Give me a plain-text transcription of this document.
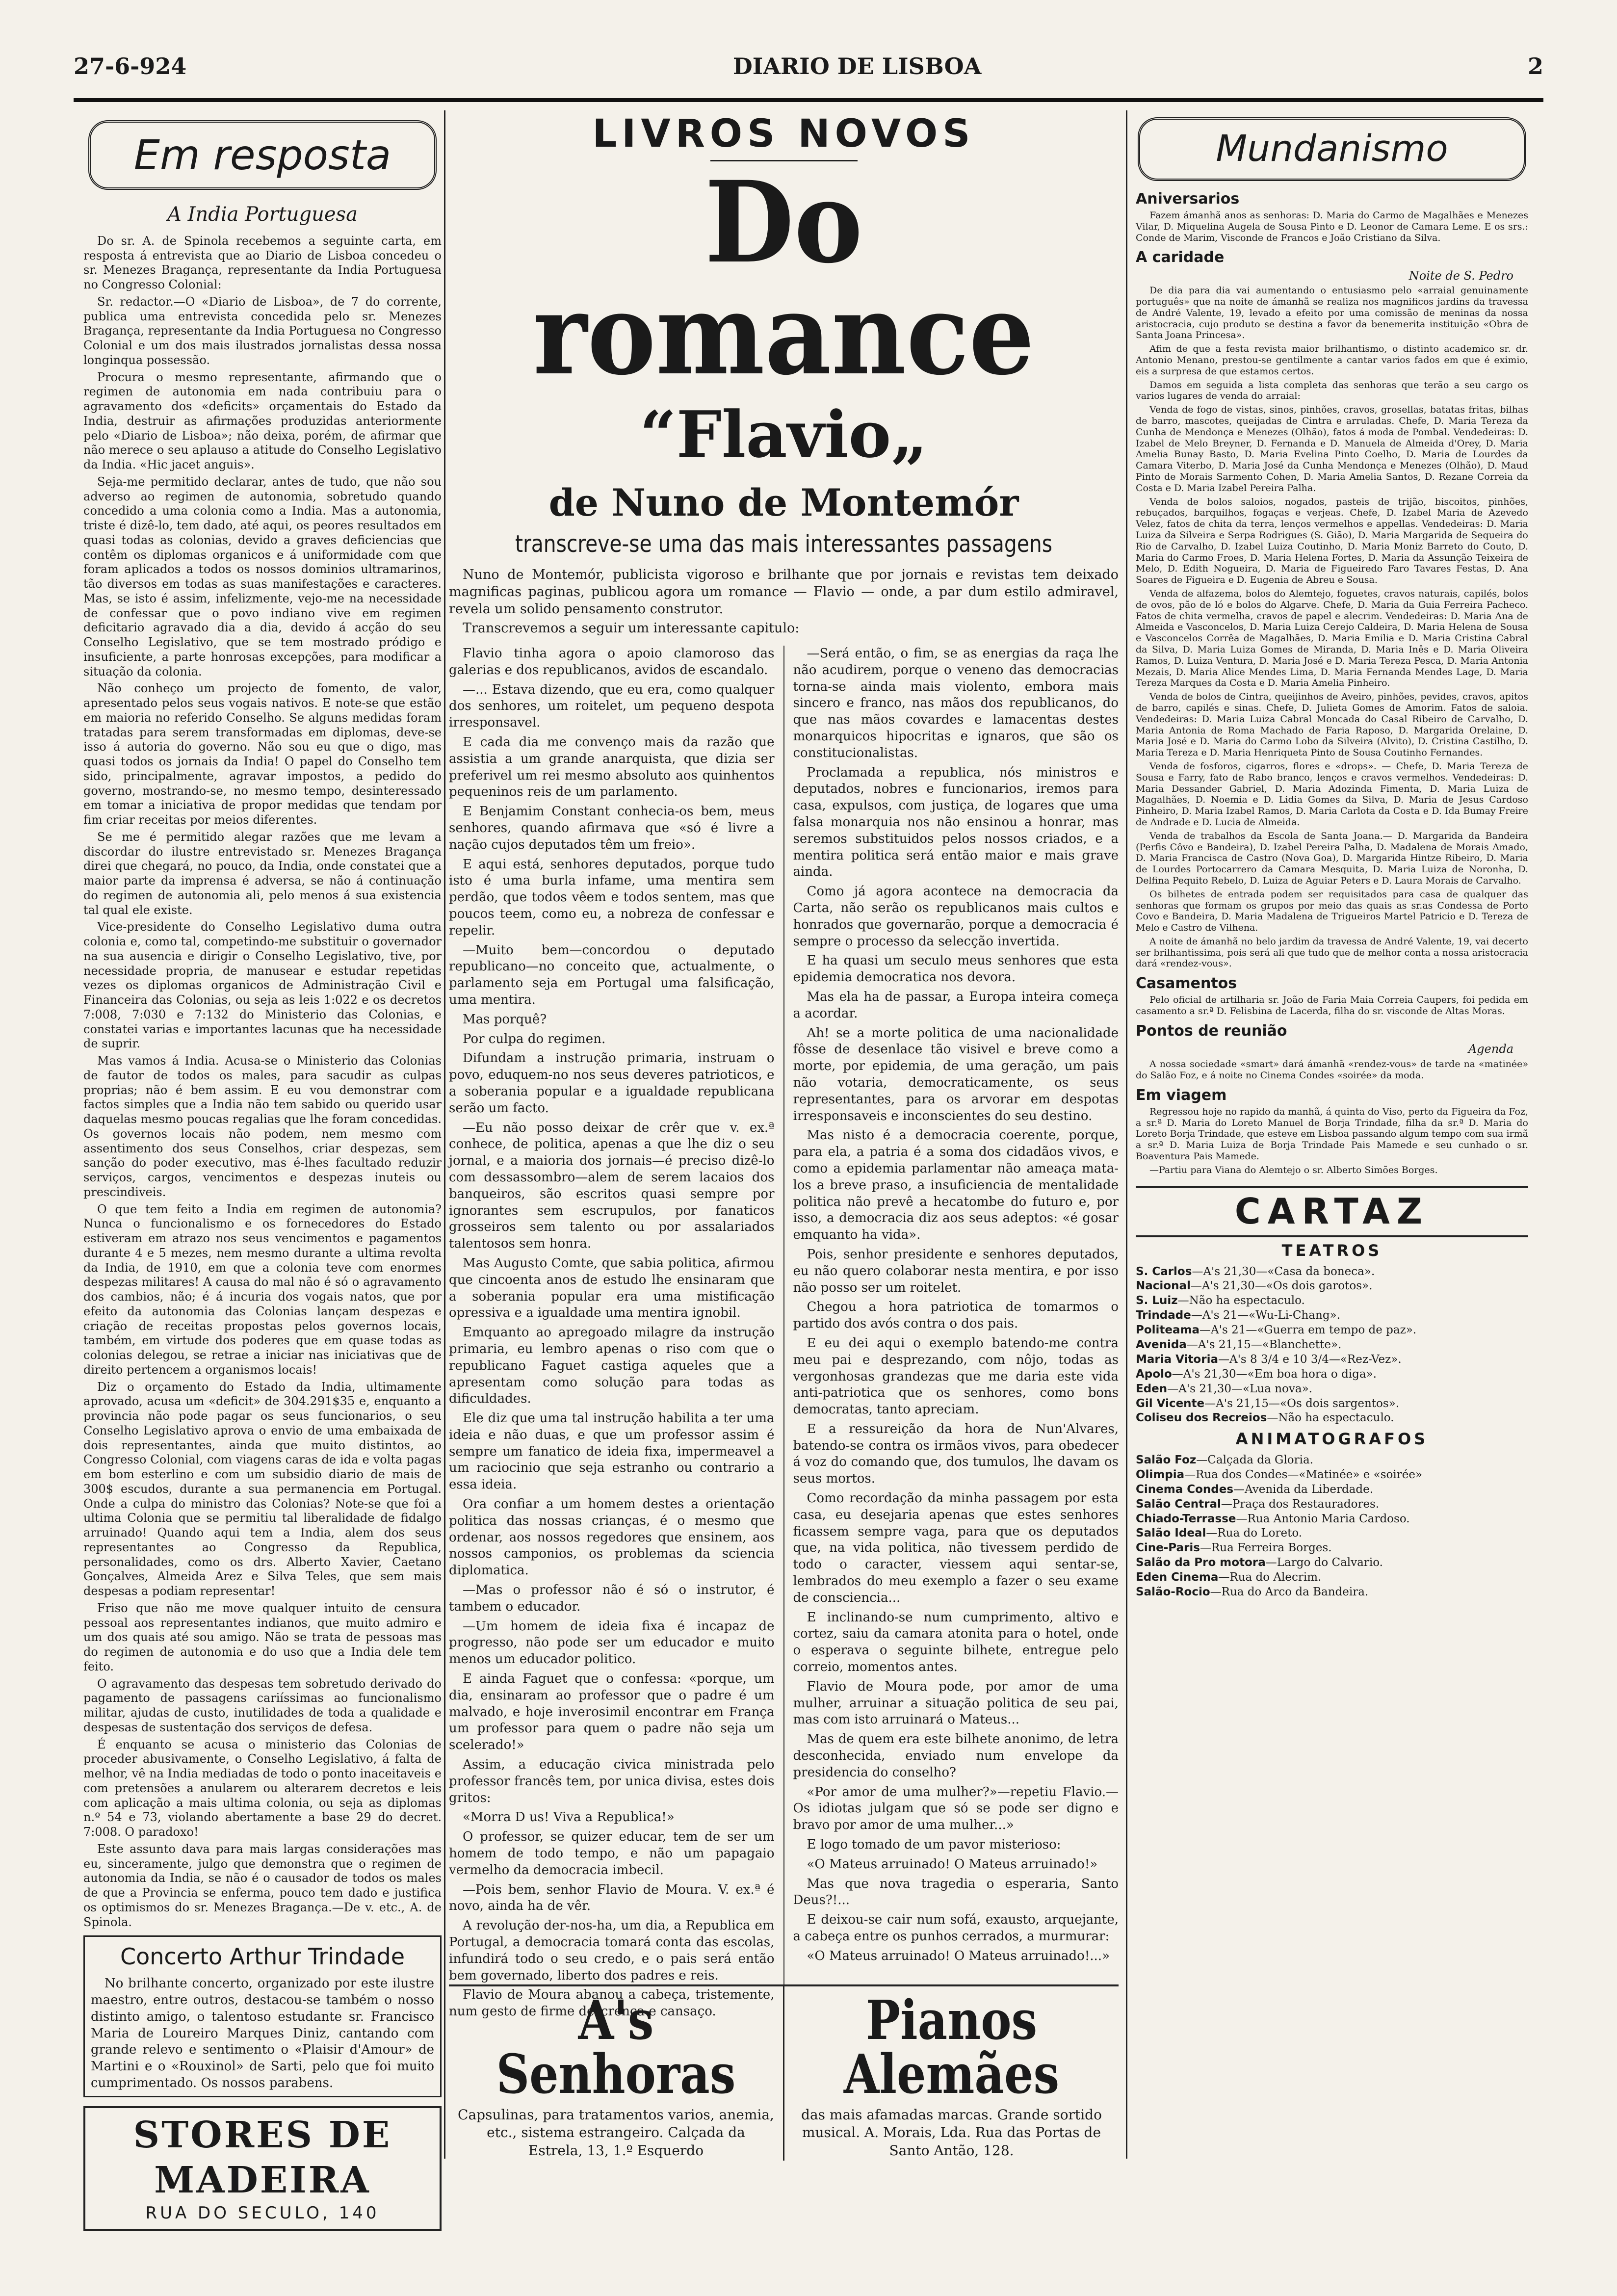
27-6-924	DIARIO DE LISBOA	2
Em resposta
A India Portuguesa

Do sr. A. de Spinola recebemos a seguinte carta, em resposta á entrevista que ao Diario de Lisboa concedeu o sr. Menezes Bragança, representante da India Portuguesa no Congresso Colonial:

Sr. redactor.—O «Diario de Lisboa», de 7 do corrente, publica uma entrevista concedida pelo sr. Menezes Bragança, representante da India Portuguesa no Congresso Colonial e um dos mais ilustrados jornalistas dessa nossa longinqua possessão.

Procura o mesmo representante, afirmando que o regimen de autonomia em nada contribuiu para o agravamento dos «deficits» orçamentais do Estado da India, destruir as afirmações produzidas anteriormente pelo «Diario de Lisboa»; não deixa, porém, de afirmar que não merece o seu aplauso a atitude do Conselho Legislativo da India. «Hic jacet anguis».

Seja-me permitido declarar, antes de tudo, que não sou adverso ao regimen de autonomia, sobretudo quando concedido a uma colonia como a India. Mas a autonomia, triste é dizê-lo, tem dado, até aqui, os peores resultados em quasi todas as colonias, devido a graves deficiencias que contêm os diplomas organicos e á uniformidade com que foram aplicados a todos os nossos dominios ultramarinos, tão diversos em todas as suas manifestações e caracteres. Mas, se isto é assim, infelizmente, vejo-me na necessidade de confessar que o povo indiano vive em regimen deficitario agravado dia a dia, devido á acção do seu Conselho Legislativo, que se tem mostrado pródigo e insuficiente, a parte honrosas excepções, para modificar a situação da colonia.

Não conheço um projecto de fomento, de valor, apresentado pelos seus vogais nativos. E note-se que estão em maioria no referido Conselho. Se alguns medidas foram tratadas para serem transformadas em diplomas, deve-se isso á autoria do governo. Não sou eu que o digo, mas quasi todos os jornais da India! O papel do Conselho tem sido, principalmente, agravar impostos, a pedido do governo, mostrando-se, no mesmo tempo, desinteressado em tomar a iniciativa de propor medidas que tendam por fim criar receitas por meios diferentes.

Se me é permitido alegar razões que me levam a discordar do ilustre entrevistado sr. Menezes Bragança direi que chegará, no pouco, da India, onde constatei que a maior parte da imprensa é adversa, se não á continuação do regimen de autonomia ali, pelo menos á sua existencia tal qual ele existe.

Vice-presidente do Conselho Legislativo duma outra colonia e, como tal, competindo-me substituir o governador na sua ausencia e dirigir o Conselho Legislativo, tive, por necessidade propria, de manusear e estudar repetidas vezes os diplomas organicos de Administração Civil e Financeira das Colonias, ou seja as leis 1:022 e os decretos 7:008, 7:030 e 7:132 do Ministerio das Colonias, e constatei varias e importantes lacunas que ha necessidade de suprir.

Mas vamos á India. Acusa-se o Ministerio das Colonias de fautor de todos os males, para sacudir as culpas proprias; não é bem assim. E eu vou demonstrar com factos simples que a India não tem sabido ou querido usar daquelas mesmo poucas regalias que lhe foram concedidas. Os governos locais não podem, nem mesmo com assentimento dos seus Conselhos, criar despezas, sem sanção do poder executivo, mas é-lhes facultado reduzir serviços, cargos, vencimentos e despezas inuteis ou prescindiveis.

O que tem feito a India em regimen de autonomia? Nunca o funcionalismo e os fornecedores do Estado estiveram em atrazo nos seus vencimentos e pagamentos durante 4 e 5 mezes, nem mesmo durante a ultima revolta da India, de 1910, em que a colonia teve com enormes despezas militares! A causa do mal não é só o agravamento dos cambios, não; é á incuria dos vogais natos, que por efeito da autonomia das Colonias lançam despezas e criação de receitas propostas pelos governos locais, também, em virtude dos poderes que em quase todas as colonias delegou, se retrae a iniciar nas iniciativas que de direito pertencem a organismos locais!

Diz o orçamento do Estado da India, ultimamente aprovado, acusa um «deficit» de 304.291$35 e, enquanto a provincia não pode pagar os seus funcionarios, o seu Conselho Legislativo aprova o envio de uma embaixada de dois representantes, ainda que muito distintos, ao Congresso Colonial, com viagens caras de ida e volta pagas em bom esterlino e com um subsidio diario de mais de 300$ escudos, durante a sua permanencia em Portugal. Onde a culpa do ministro das Colonias? Note-se que foi a ultima Colonia que se permitiu tal liberalidade de fidalgo arruinado! Quando aqui tem a India, alem dos seus representantes ao Congresso da Republica, personalidades, como os drs. Alberto Xavier, Caetano Gonçalves, Almeida Arez e Silva Teles, que sem mais despesas a podiam representar!

Friso que não me move qualquer intuito de censura pessoal aos representantes indianos, que muito admiro e um dos quais até sou amigo. Não se trata de pessoas mas do regimen de autonomia e do uso que a India dele tem feito.

O agravamento das despesas tem sobretudo derivado do pagamento de passagens cariíssimas ao funcionalismo militar, ajudas de custo, inutilidades de toda a qualidade e despesas de sustentação dos serviços de defesa.

É enquanto se acusa o ministerio das Colonias de proceder abusivamente, o Conselho Legislativo, á falta de melhor, vê na India mediadas de todo o ponto inaceitaveis e com pretensões a anularem ou alterarem decretos e leis com aplicação a mais ultima colonia, ou seja as diplomas n.º 54 e 73, violando abertamente a base 29 do decret. 7:008. O paradoxo!

Este assunto dava para mais largas considerações mas eu, sinceramente, julgo que demonstra que o regimen de autonomia da India, se não é o causador de todos os males de que a Provincia se enferma, pouco tem dado e justifica os optimismos do sr. Menezes Bragança.—De v. etc., A. de Spinola.

Concerto Arthur Trindade

No brilhante concerto, organizado por este ilustre maestro, entre outros, destacou-se também o nosso distinto amigo, o talentoso estudante sr. Francisco Maria de Loureiro Marques Diniz, cantando com grande relevo e sentimento o «Plaisir d'Amour» de Martini e o «Rouxinol» de Sarti, pelo que foi muito cumprimentado. Os nossos parabens.

STORES DE MADEIRA
RUA DO SECULO, 140
LIVROS NOVOS
Do romance
“Flavio„
de Nuno de Montemór
transcreve-se uma das mais interessantes passagens

Nuno de Montemór, publicista vigoroso e brilhante que por jornais e revistas tem deixado magnificas paginas, publicou agora um romance — Flavio — onde, a par dum estilo admiravel, revela um solido pensamento construtor.

Transcrevemos a seguir um interessante capitulo:

Flavio tinha agora o apoio clamoroso das galerias e dos republicanos, avidos de escandalo.

—... Estava dizendo, que eu era, como qualquer dos senhores, um roitelet, um pequeno despota irresponsavel.

E cada dia me convenço mais da razão que assistia a um grande anarquista, que dizia ser preferivel um rei mesmo absoluto aos quinhentos pequeninos reis de um parlamento.

E Benjamim Constant conhecia-os bem, meus senhores, quando afirmava que «só é livre a nação cujos deputados têm um freio».

E aqui está, senhores deputados, porque tudo isto é uma burla infame, uma mentira sem perdão, que todos vêem e todos sentem, mas que poucos teem, como eu, a nobreza de confessar e repelir.

—Muito bem—concordou o deputado republicano—no conceito que, actualmente, o parlamento seja em Portugal uma falsificação, uma mentira.

Mas porquê?

Por culpa do regimen.

Difundam a instrução primaria, instruam o povo, eduquem-no nos seus deveres patrioticos, e a soberania popular e a igualdade republicana serão um facto.

—Eu não posso deixar de crêr que v. ex.ª conhece, de politica, apenas a que lhe diz o seu jornal, e a maioria dos jornais—é preciso dizê-lo com dessassombro—alem de serem lacaios dos banqueiros, são escritos quasi sempre por ignorantes sem escrupulos, por fanaticos grosseiros sem talento ou por assalariados talentosos sem honra.

Mas Augusto Comte, que sabia politica, afirmou que cincoenta anos de estudo lhe ensinaram que a soberania popular era uma mistificação opressiva e a igualdade uma mentira ignobil.

Emquanto ao apregoado milagre da instrução primaria, eu lembro apenas o riso com que o republicano Faguet castiga aqueles que a apresentam como solução para todas as dificuldades.

Ele diz que uma tal instrução habilita a ter uma ideia e não duas, e que um professor assim é sempre um fanatico de ideia fixa, impermeavel a um raciocinio que seja estranho ou contrario a essa ideia.

Ora confiar a um homem destes a orientação politica das nossas crianças, é o mesmo que ordenar, aos nossos regedores que ensinem, aos nossos camponios, os problemas da sciencia diplomatica.

—Mas o professor não é só o instrutor, é tambem o educador.

—Um homem de ideia fixa é incapaz de progresso, não pode ser um educador e muito menos um educador politico.

E ainda Faguet que o confessa: «porque, um dia, ensinaram ao professor que o padre é um malvado, e hoje inverosimil encontrar em França um professor para quem o padre não seja um scelerado!»

Assim, a educação civica ministrada pelo professor francês tem, por unica divisa, estes dois gritos:

«Morra D us! Viva a Republica!»

O professor, se quizer educar, tem de ser um homem de todo tempo, e não um papagaio vermelho da democracia imbecil.

—Pois bem, senhor Flavio de Moura. V. ex.ª é novo, ainda ha de vêr.

A revolução der-nos-ha, um dia, a Republica em Portugal, a democracia tomará conta das escolas, infundirá todo o seu credo, e o pais será então bem governado, liberto dos padres e reis.

Flavio de Moura abanou a cabeça, tristemente, num gesto de firme descrença e cansaço.

—Será então, o fim, se as energias da raça lhe não acudirem, porque o veneno das democracias torna-se ainda mais violento, embora mais sincero e franco, nas mãos dos republicanos, do que nas mãos covardes e lamacentas destes monarquicos hipocritas e ignaros, que são os constitucionalistas.

Proclamada a republica, nós ministros e deputados, nobres e funcionarios, iremos para casa, expulsos, com justiça, de logares que uma falsa monarquia nos não ensinou a honrar, mas seremos substituidos pelos nossos criados, e a mentira politica será então maior e mais grave ainda.

Como já agora acontece na democracia da Carta, não serão os republicanos mais cultos e honrados que governarão, porque a democracia é sempre o processo da selecção invertida.

E ha quasi um seculo meus senhores que esta epidemia democratica nos devora.

Mas ela ha de passar, a Europa inteira começa a acordar.

Ah! se a morte politica de uma nacionalidade fôsse de desenlace tão visivel e breve como a morte, por epidemia, de uma geração, um pais não votaria, democraticamente, os seus representantes, para os arvorar em despotas irresponsaveis e inconscientes do seu destino.

Mas nisto é a democracia coerente, porque, para ela, a patria é a soma dos cidadãos vivos, e como a epidemia parlamentar não ameaça mata-los a breve praso, a insuficiencia de mentalidade politica não prevê a hecatombe do futuro e, por isso, a democracia diz aos seus adeptos: «é gosar emquanto ha vida».

Pois, senhor presidente e senhores deputados, eu não quero colaborar nesta mentira, e por isso não posso ser um roitelet.

Chegou a hora patriotica de tomarmos o partido dos avós contra o dos pais.

E eu dei aqui o exemplo batendo-me contra meu pai e desprezando, com nôjo, todas as vergonhosas grandezas que me daria este vida anti-patriotica que os senhores, como bons democratas, tanto apreciam.

E a ressureição da hora de Nun'Alvares, batendo-se contra os irmãos vivos, para obedecer á voz do comando que, dos tumulos, lhe davam os seus mortos.

Como recordação da minha passagem por esta casa, eu desejaria apenas que estes senhores ficassem sempre vaga, para que os deputados que, na vida politica, não tivessem perdido de todo o caracter, viessem aqui sentar-se, lembrados do meu exemplo a fazer o seu exame de consciencia...

E inclinando-se num cumprimento, altivo e cortez, saiu da camara atonita para o hotel, onde o esperava o seguinte bilhete, entregue pelo correio, momentos antes.

Flavio de Moura pode, por amor de uma mulher, arruinar a situação politica de seu pai, mas com isto arruinará o Mateus...

Mas de quem era este bilhete anonimo, de letra desconhecida, enviado num envelope da presidencia do conselho?

«Por amor de uma mulher?»—repetiu Flavio.—Os idiotas julgam que só se pode ser digno e bravo por amor de uma mulher...»

E logo tomado de um pavor misterioso:

«O Mateus arruinado! O Mateus arruinado!»

Mas que nova tragedia o esperaria, Santo Deus?!...

E deixou-se cair num sofá, exausto, arquejante, a cabeça entre os punhos cerrados, a murmurar:

«O Mateus arruinado! O Mateus arruinado!...»

A's Senhoras
Capsulinas, para tratamentos varios, anemia, etc., sistema estrangeiro. Calçada da Estrela, 13, 1.º Esquerdo
Pianos Alemães
das mais afamadas marcas. Grande sortido musical. A. Morais, Lda. Rua das Portas de Santo Antão, 128.
Mundanismo
Aniversarios

Fazem ámanhã anos as senhoras: D. Maria do Carmo de Magalhães e Menezes Vilar, D. Miquelina Augela de Sousa Pinto e D. Leonor de Camara Leme. E os srs.: Conde de Marim, Visconde de Francos e João Cristiano da Silva.

A caridade
Noite de S. Pedro

De dia para dia vai aumentando o entusiasmo pelo «arraial genuinamente português» que na noite de ámanhã se realiza nos magnificos jardins da travessa de André Valente, 19, levado a efeito por uma comissão de meninas da nossa aristocracia, cujo produto se destina a favor da benemerita instituição «Obra de Santa Joana Princesa».

Afim de que a festa revista maior brilhantismo, o distinto academico sr. dr. Antonio Menano, prestou-se gentilmente a cantar varios fados em que é eximio, eis a surpresa de que estamos certos.

Damos em seguida a lista completa das senhoras que terão a seu cargo os varios lugares de venda do arraial:

Venda de fogo de vistas, sinos, pinhões, cravos, grosellas, batatas fritas, bilhas de barro, mascotes, queijadas de Cintra e arruladas. Chefe, D. Maria Tereza da Cunha de Mendonça e Menezes (Olhão), fatos á moda de Pombal. Vendedeiras: D. Izabel de Melo Breyner, D. Fernanda e D. Manuela de Almeida d'Orey, D. Maria Amelia Bunay Basto, D. Maria Evelina Pinto Coelho, D. Maria de Lourdes da Camara Viterbo, D. Maria José da Cunha Mendonça e Menezes (Olhão), D. Maud Pinto de Morais Sarmento Cohen, D. Maria Amelia Santos, D. Rezane Correia da Costa e D. Maria Izabel Pereira Palha.

Venda de bolos saloios, nogados, pasteis de trijão, biscoitos, pinhões, rebuçados, barquilhos, fogaças e verjeas. Chefe, D. Izabel Maria de Azevedo Velez, fatos de chita da terra, lenços vermelhos e appellas. Vendedeiras: D. Maria Luiza da Silveira e Serpa Rodrigues (S. Gião), D. Maria Margarida de Sequeira do Rio de Carvalho, D. Izabel Luiza Coutinho, D. Maria Moniz Barreto do Couto, D. Maria do Carmo Froes, D. Maria Helena Fortes, D. Maria da Assunção Teixeira de Melo, D. Edith Nogueira, D. Maria de Figueiredo Faro Tavares Festas, D. Ana Soares de Figueira e D. Eugenia de Abreu e Sousa.

Venda de alfazema, bolos do Alemtejo, foguetes, cravos naturais, capilés, bolos de ovos, pão de ló e bolos do Algarve. Chefe, D. Maria da Guia Ferreira Pacheco. Fatos de chita vermelha, cravos de papel e alecrim. Vendedeiras: D. Maria Ana de Almeida e Vasconcelos, D. Maria Luiza Cerejo Caldeira, D. Maria Helena de Sousa e Vasconcelos Corrêa de Magalhães, D. Maria Emilia e D. Maria Cristina Cabral da Silva, D. Maria Luiza Gomes de Miranda, D. Maria Inês e D. Maria Oliveira Ramos, D. Luiza Ventura, D. Maria José e D. Maria Tereza Pesca, D. Maria Antonia Mezais, D. Maria Alice Mendes Lima, D. Maria Fernanda Mendes Lage, D. Maria Tereza Marques da Costa e D. Maria Amelia Pinheiro.

Venda de bolos de Cintra, queijinhos de Aveiro, pinhões, pevides, cravos, apitos de barro, capilés e sinas. Chefe, D. Julieta Gomes de Amorim. Fatos de saloia. Vendedeiras: D. Maria Luiza Cabral Moncada do Casal Ribeiro de Carvalho, D. Maria Antonia de Roma Machado de Faria Raposo, D. Margarida Orelaine, D. Maria José e D. Maria do Carmo Lobo da Silveira (Alvito), D. Cristina Castilho, D. Maria Tereza e D. Maria Henriqueta Pinto de Sousa Coutinho Fernandes.

Venda de fosforos, cigarros, flores e «drops». — Chefe, D. Maria Tereza de Sousa e Farry, fato de Rabo branco, lenços e cravos vermelhos. Vendedeiras: D. Maria Dessander Gabriel, D. Maria Adozinda Fimenta, D. Maria Luiza de Magalhães, D. Noemia e D. Lidia Gomes da Silva, D. Maria de Jesus Cardoso Pinheiro, D. Maria Izabel Ramos, D. Maria Carlota da Costa e D. Ida Bumay Freire de Andrade e D. Lucia de Almeida.

Venda de trabalhos da Escola de Santa Joana.— D. Margarida da Bandeira (Perfis Côvo e Bandeira), D. Izabel Pereira Palha, D. Madalena de Morais Amado, D. Maria Francisca de Castro (Nova Goa), D. Margarida Hintze Ribeiro, D. Maria de Lourdes Portocarrero da Camara Mesquita, D. Maria Luiza de Noronha, D. Delfina Pequito Rebelo, D. Luiza de Aguiar Peters e D. Laura Morais de Carvalho.

Os bilhetes de entrada podem ser requisitados para casa de qualquer das senhoras que formam os grupos por meio das quais as sr.as Condessa de Porto Covo e Bandeira, D. Maria Madalena de Trigueiros Martel Patricio e D. Tereza de Melo e Castro de Vilhena.

A noite de ámanhã no belo jardim da travessa de André Valente, 19, vai decerto ser brilhantissima, pois será ali que tudo que de melhor conta a nossa aristocracia dará «rendez-vous».

Casamentos

Pelo oficial de artilharia sr. João de Faria Maia Correia Caupers, foi pedida em casamento a sr.ª D. Felisbina de Lacerda, filha do sr. visconde de Altas Moras.

Pontos de reunião
Agenda

A nossa sociedade «smart» dará ámanhã «rendez-vous» de tarde na «matinée» do Salão Foz, e á noite no Cinema Condes «soirée» da moda.

Em viagem

Regressou hoje no rapido da manhã, á quinta do Viso, perto da Figueira da Foz, a sr.ª D. Maria do Loreto Manuel de Borja Trindade, filha da sr.ª D. Maria do Loreto Borja Trindade, que esteve em Lisboa passando algum tempo com sua irmã a sr.ª D. Maria Luiza de Borja Trindade Pais Mamede e seu cunhado o sr. Boaventura Pais Mamede.

—Partiu para Viana do Alemtejo o sr. Alberto Simões Borges.

CARTAZ
TEATROS
S. Carlos—A's 21,30—«Casa da boneca».
Nacional—A's 21,30—«Os dois garotos».
S. Luiz—Não ha espectaculo.
Trindade—A's 21—«Wu-Li-Chang».
Politeama—A's 21—«Guerra em tempo de paz».
Avenida—A's 21,15—«Blanchette».
Maria Vitoria—A's 8 3/4 e 10 3/4—«Rez-Vez».
Apolo—A's 21,30—«Em boa hora o diga».
Eden—A's 21,30—«Lua nova».
Gil Vicente—A's 21,15—«Os dois sargentos».
Coliseu dos Recreios—Não ha espectaculo.
ANIMATOGRAFOS
Salão Foz—Calçada da Gloria.
Olimpia—Rua dos Condes—«Matinée» e «soirée»
Cinema Condes—Avenida da Liberdade.
Salão Central—Praça dos Restauradores.
Chiado-Terrasse—Rua Antonio Maria Cardoso.
Salão Ideal—Rua do Loreto.
Cine-Paris—Rua Ferreira Borges.
Salão da Pro motora—Largo do Calvario.
Eden Cinema—Rua do Alecrim.
Salão-Rocio—Rua do Arco da Bandeira.
